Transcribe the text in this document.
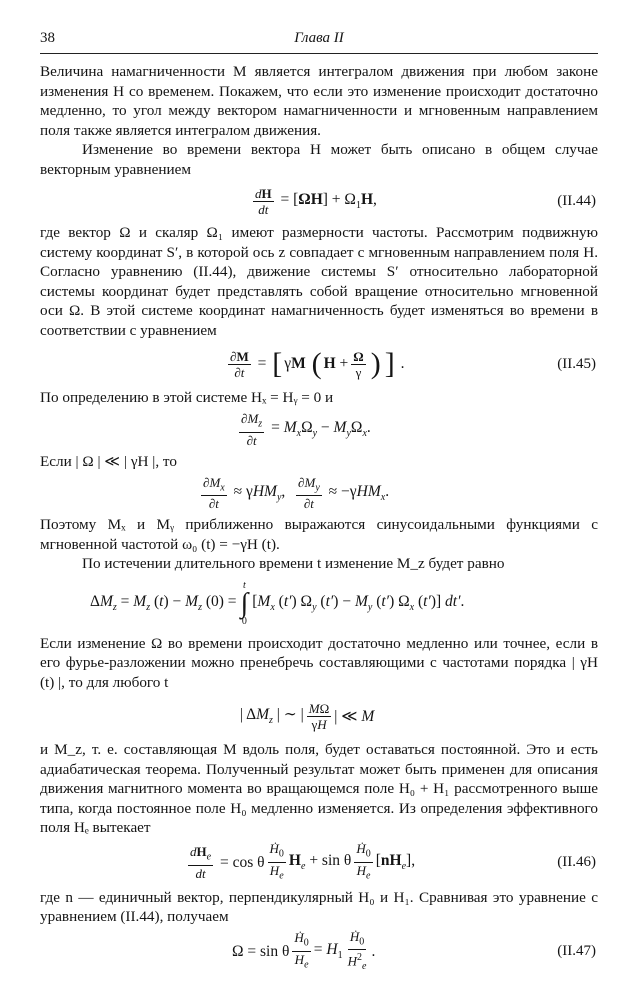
38	Глава II

Величина намагниченности M является интегралом движения при любом законе изменения H со временем. Покажем, что если это изменение происходит достаточно медленно, то угол между вектором намагниченности и мгновенным направлением поля также является интегралом движения.

Изменение во времени вектора H может быть описано в общем случае векторным уравнением

$\frac{dH}{dt} = [\Omega H] + \Omega_1H$,	(II.44)

где вектор Ω и скаляр Ω₁ имеют размерности частоты. Рассмотрим подвижную систему координат S′, в которой ось z совпадает с мгновенным направлением поля H. Согласно уравнению (II.44), движение системы S′ относительно лабораторной системы координат будет представлять собой вращение относительно мгновенной оси Ω. В этой системе координат намагниченность будет изменяться во времени в соответствии с уравнением

$\frac{\partial M}{\partial t}$ = [ γM ( $H + \frac{\Omega}{\gamma}$ ) ] .	(II.45)

По определению в этой системе Hₓ = Hᵧ = 0 и

$\frac{\partial M_z}{\partial t} = M_x\Omega_y - M_y\Omega_x$.

Если | Ω | ≪ | γH |, то

$\frac{\partial M_x}{\partial t} \approx \gamma HM_y$, $\frac{\partial M_y}{\partial t} \approx -\gamma HM_x$.

Поэтому Mₓ и Mᵧ приближенно выражаются синусоидальными функциями с мгновенной частотой ω₀ (t) = −γH (t).

По истечении длительного времени t изменение M_z будет равно

$\Delta M_z = M_z$ $(t) - M_z$ (0) =
t
∫
0
[$M_x$ (t′) $\Omega_y$ $(t') - M_y$ (t′) $\Omega_x$ (t′)] dt′.

Если изменение Ω во времени происходит достаточно медленно или точнее, если в его фурье-разложении можно пренебречь составляющими с частотами порядка | γH (t) |, то для любого t

| $\Delta M_z$ | ∼ | $\frac{M\Omega}{\gamma H}$ | ≪ M

и M_z, т. е. составляющая M вдоль поля, будет оставаться постоянной. Это и есть адиабатическая теорема. Полученный результат может быть применен для описания движения магнитного момента во вращающемся поле H₀ + H₁ рассмотренного выше типа, когда постоянное поле H₀ медленно изменяется. Из определения эффективного поля Hₑ вытекает

$\frac{dH_e}{dt} = \cos \theta \frac{Ḣ_0}{H_e} H_e + \sin \theta \frac{Ḣ_0}{H_e} [nH_e]$,	(II.46)

где n — единичный вектор, перпендикулярный H₀ и H₁. Сравнивая это уравнение с уравнением (II.44), получаем

Ω = sin θ $\frac{Ḣ_0}{H_e} = H_1 \frac{Ḣ_0}{H^2_e}$ .	(II.47)
